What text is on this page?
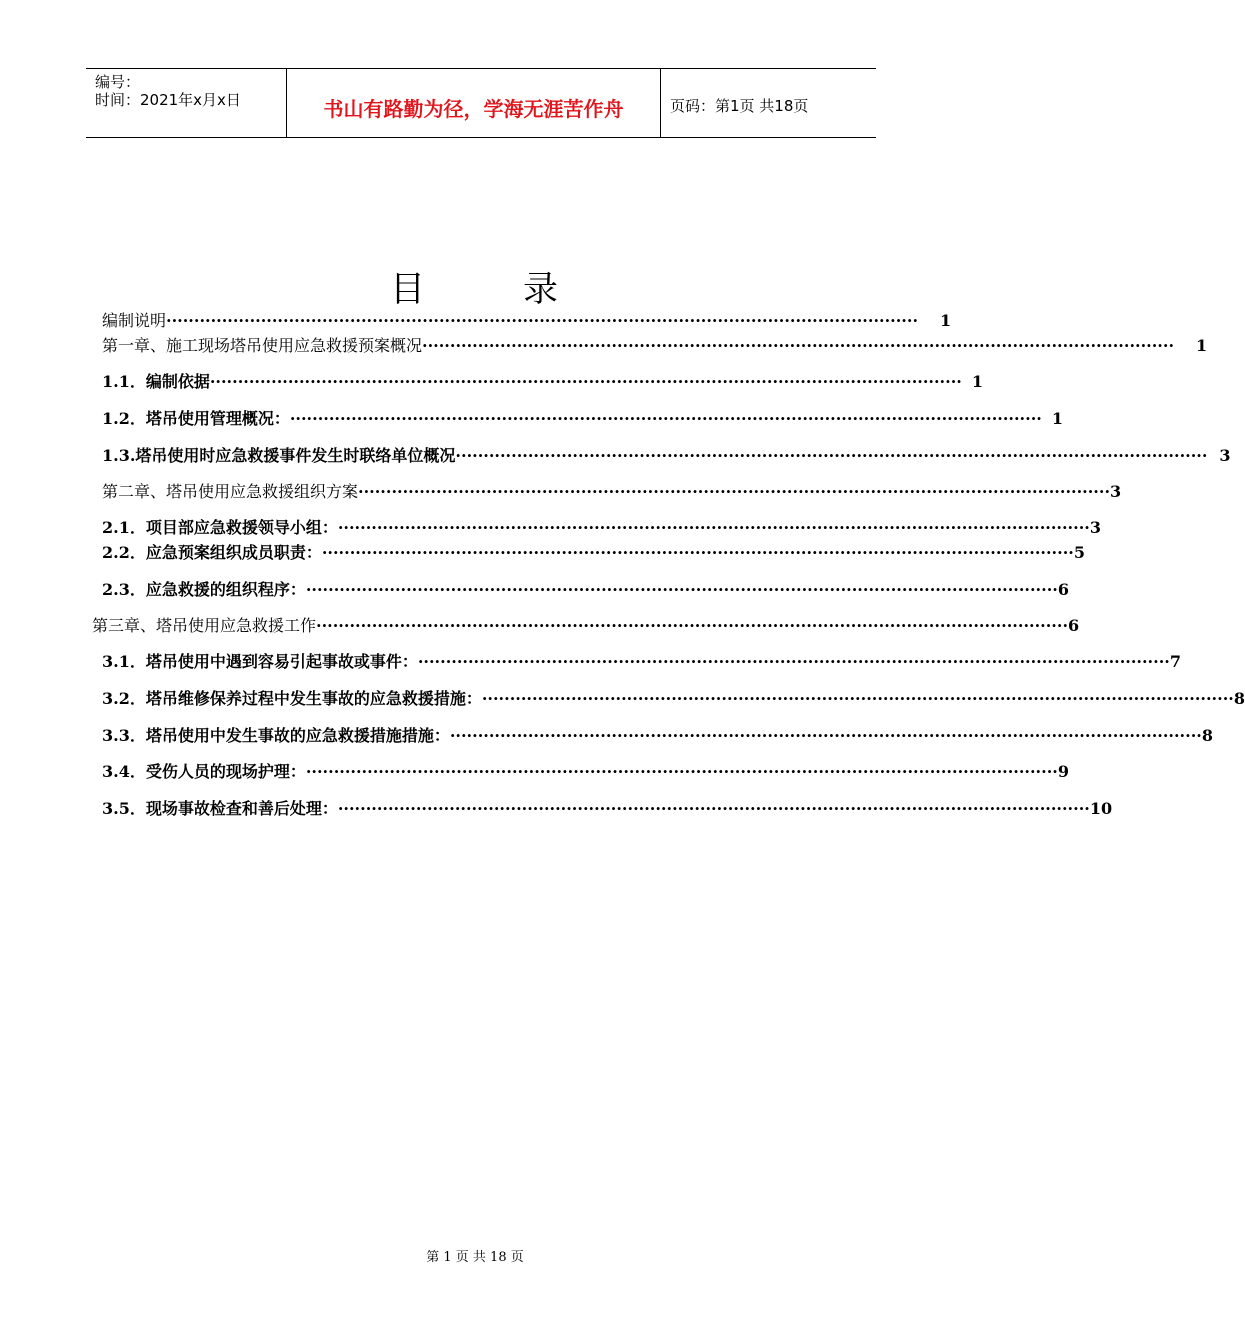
编号：
时间：2021年x月x日	书山有路勤为径，学海无涯苦作舟	页码：第1页 共18页
目	录
编制说明 ······································································································································· 1
第一章、施工现场塔吊使用应急救援预案概况 ······································································································································· 1
1.1．编制依据 ······································································································································· 1
1.2．塔吊使用管理概况： ······································································································································· 1
1.3.塔吊使用时应急救援事件发生时联络单位概况 ······································································································································· 3
第二章、塔吊使用应急救援组织方案 ······································································································································· 3
2.1．项目部应急救援领导小组： ······································································································································· 3
2.2．应急预案组织成员职责： ······································································································································· 5
2.3．应急救援的组织程序： ······································································································································· 6
第三章、塔吊使用应急救援工作 ······································································································································· 6
3.1．塔吊使用中遇到容易引起事故或事件： ······································································································································· 7
3.2．塔吊维修保养过程中发生事故的应急救援措施： ······································································································································· 8
3.3．塔吊使用中发生事故的应急救援措施措施： ······································································································································· 8
3.4．受伤人员的现场护理： ······································································································································· 9
3.5．现场事故检查和善后处理： ······································································································································· 10
第 1 页 共 18 页
